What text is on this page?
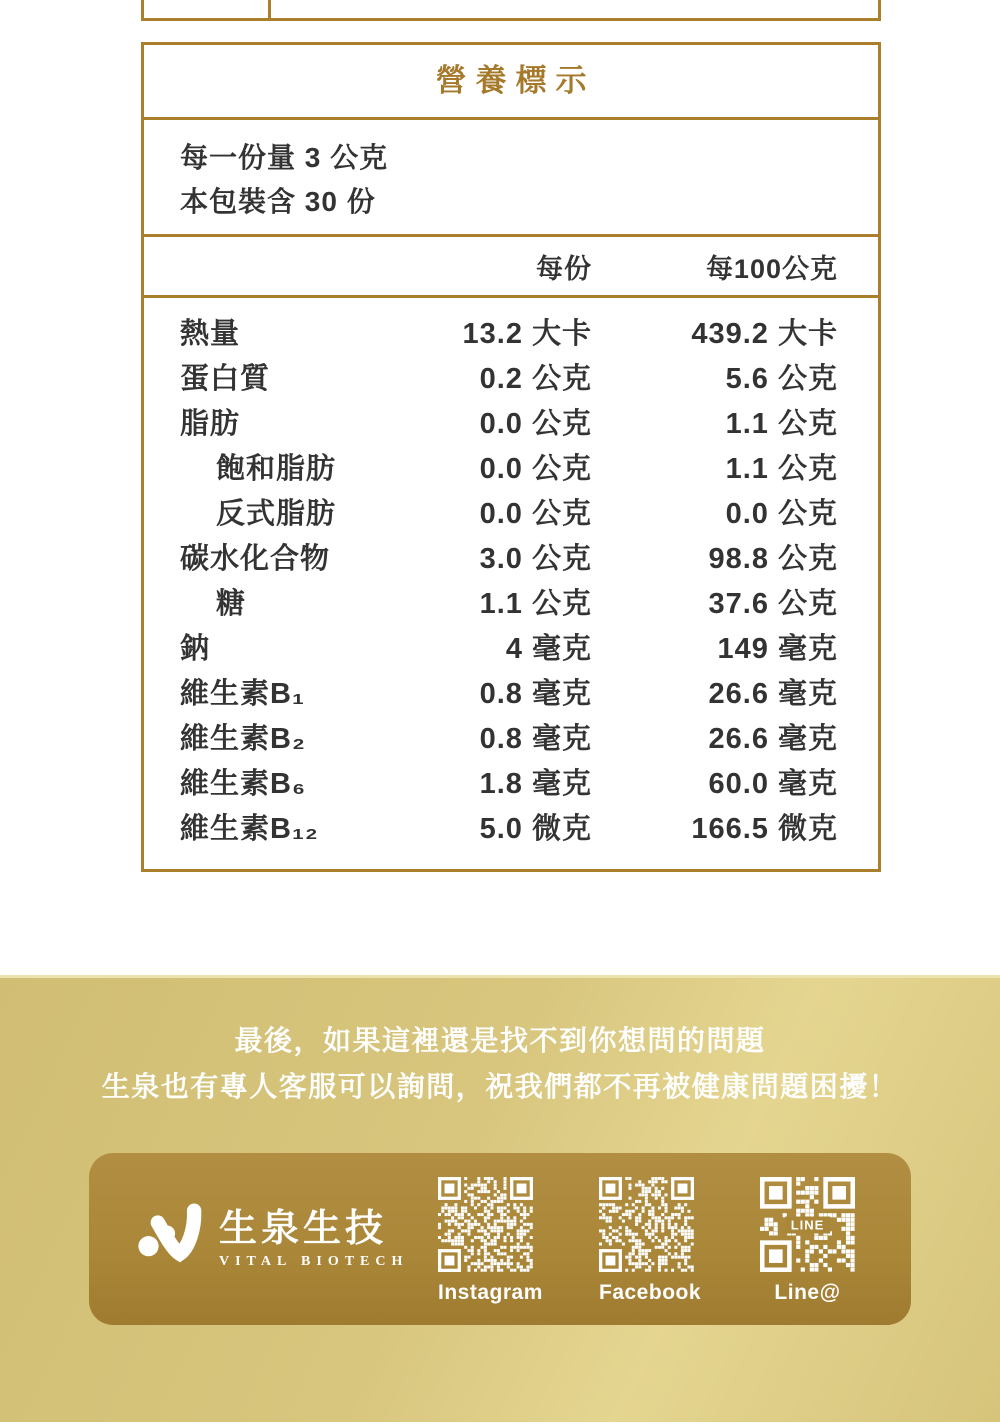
營養標示
每一份量 3 公克
本包裝含 30 份
每份	每100公克
熱量	13.2 大卡	439.2 大卡
蛋白質	0.2 公克	5.6 公克
脂肪	0.0 公克	1.1 公克
飽和脂肪	0.0 公克	1.1 公克
反式脂肪	0.0 公克	0.0 公克
碳水化合物	3.0 公克	98.8 公克
糖	1.1 公克	37.6 公克
鈉	4 毫克	149 毫克
維生素B₁	0.8 毫克	26.6 毫克
維生素B₂	0.8 毫克	26.6 毫克
維生素B₆	1.8 毫克	60.0 毫克
維生素B₁₂	5.0 微克	166.5 微克
最後，如果這裡還是找不到你想問的問題
生泉也有專人客服可以詢問，祝我們都不再被健康問題困擾！
生泉生技
VITAL BIOTECH
Instagram	Facebook
LINE
Line@
